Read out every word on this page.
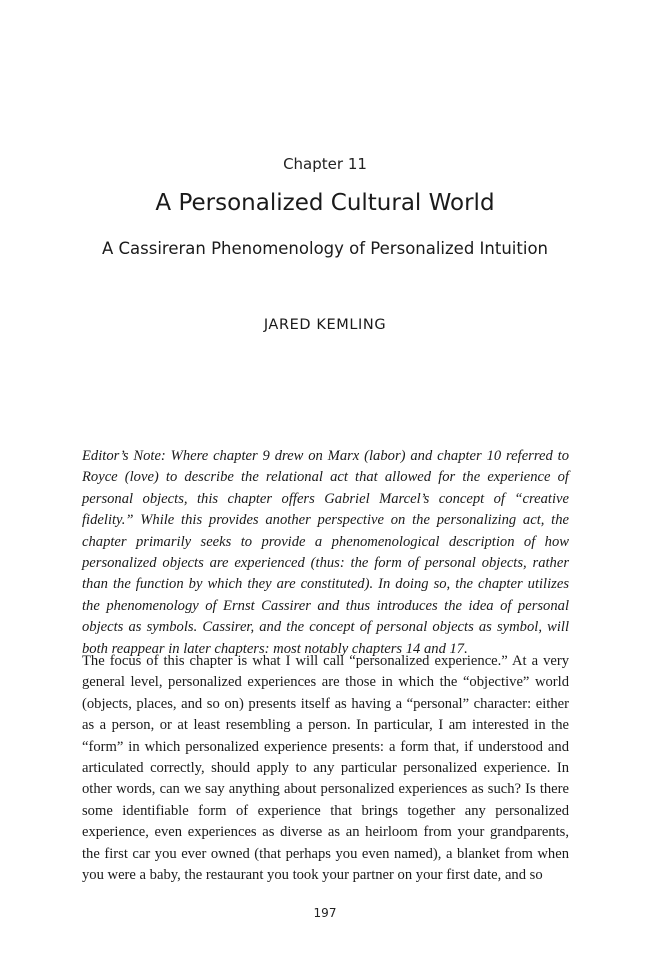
Chapter 11
A Personalized Cultural World
A Cassireran Phenomenology of Personalized Intuition
JARED KEMLING

Editor’s Note: Where chapter 9 drew on Marx (labor) and chapter 10 referred to Royce (love) to describe the relational act that allowed for the experience of personal objects, this chapter offers Gabriel Marcel’s concept of “creative fidelity.” While this provides another perspective on the personalizing act, the chapter primarily seeks to provide a phenomenological description of how personalized objects are experienced (thus: the form of personal objects, rather than the function by which they are constituted). In doing so, the chapter utilizes the phenomenology of Ernst Cassirer and thus introduces the idea of personal objects as symbols. Cassirer, and the concept of personal objects as symbol, will both reappear in later chapters: most notably chapters 14 and 17.

The focus of this chapter is what I will call “personalized experience.” At a very general level, personalized experiences are those in which the “objective” world (objects, places, and so on) presents itself as having a “personal” character: either as a person, or at least resembling a person. In particular, I am interested in the “form” in which personalized experience presents: a form that, if understood and articulated correctly, should apply to any particular personalized experience. In other words, can we say anything about personalized experiences as such? Is there some identifiable form of experience that brings together any personalized experience, even experiences as diverse as an heirloom from your grandparents, the first car you ever owned (that perhaps you even named), a blanket from when you were a baby, the restaurant you took your partner on your first date, and so

197
